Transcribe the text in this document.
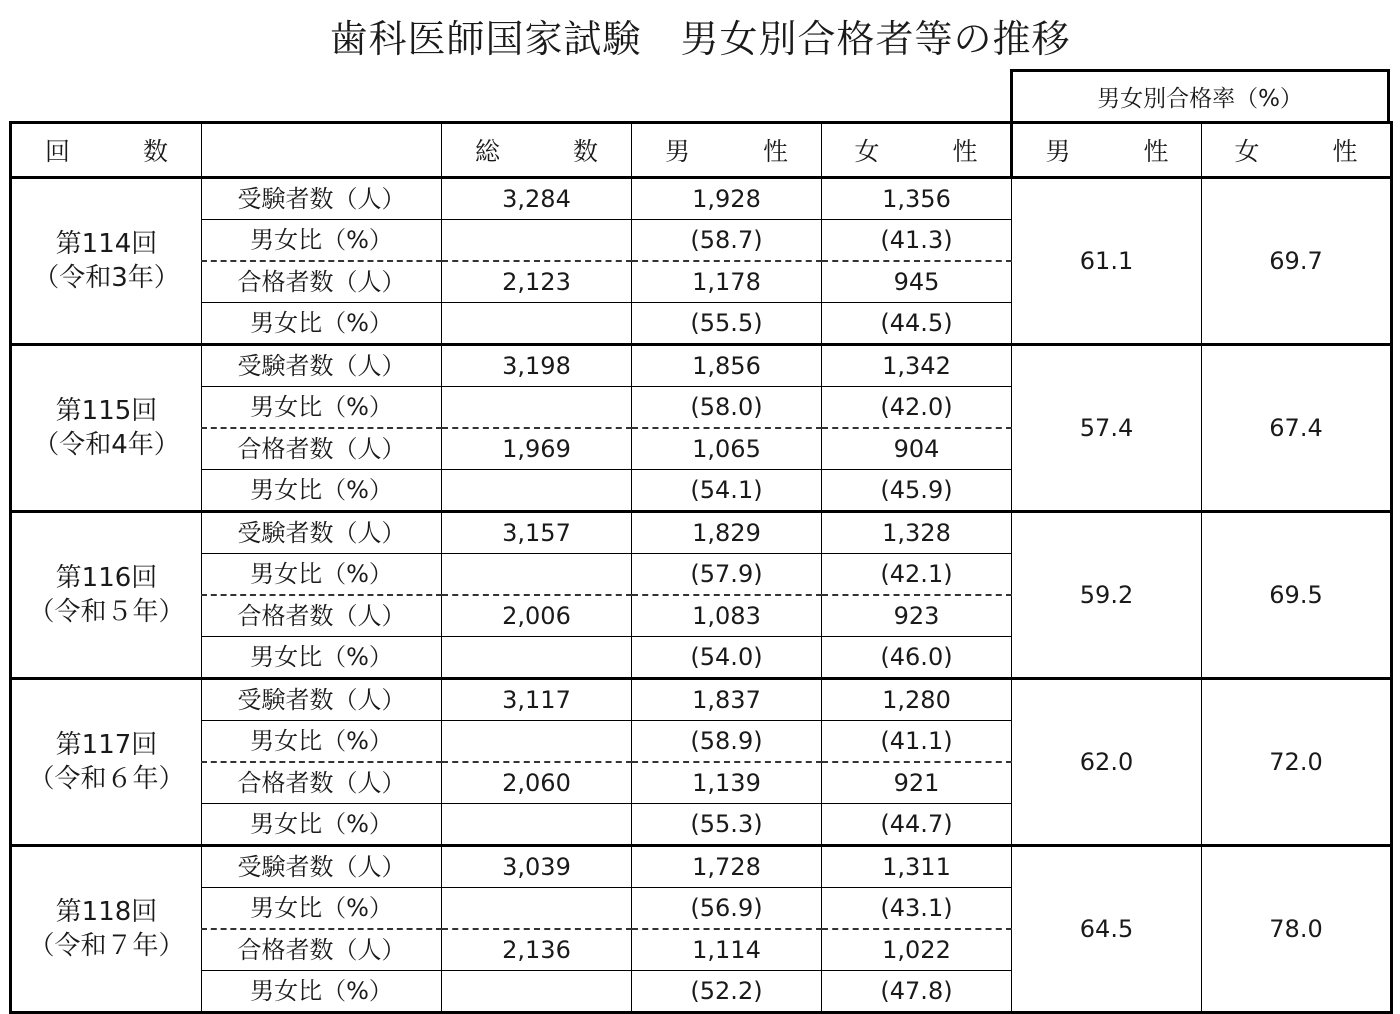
歯科医師国家試験　男女別合格者等の推移
男女別合格率（%）
回　数		総　数	男　性	女　性	男　性	女　性

第114回
（令和3年）	受験者数（人）	3,284	1,928	1,356	61.1	69.7
	男女比（%）		(58.7)	(41.3)		
	合格者数（人）	2,123	1,178	945		
	男女比（%）		(55.5)	(44.5)		

第115回
（令和4年）	受験者数（人）	3,198	1,856	1,342	57.4	67.4
	男女比（%）		(58.0)	(42.0)		
	合格者数（人）	1,969	1,065	904		
	男女比（%）		(54.1)	(45.9)		

第116回
（令和５年）	受験者数（人）	3,157	1,829	1,328	59.2	69.5
	男女比（%）		(57.9)	(42.1)		
	合格者数（人）	2,006	1,083	923		
	男女比（%）		(54.0)	(46.0)		

第117回
（令和６年）	受験者数（人）	3,117	1,837	1,280	62.0	72.0
	男女比（%）		(58.9)	(41.1)		
	合格者数（人）	2,060	1,139	921		
	男女比（%）		(55.3)	(44.7)		

第118回
（令和７年）	受験者数（人）	3,039	1,728	1,311	64.5	78.0
	男女比（%）		(56.9)	(43.1)		
	合格者数（人）	2,136	1,114	1,022		
	男女比（%）		(52.2)	(47.8)		
